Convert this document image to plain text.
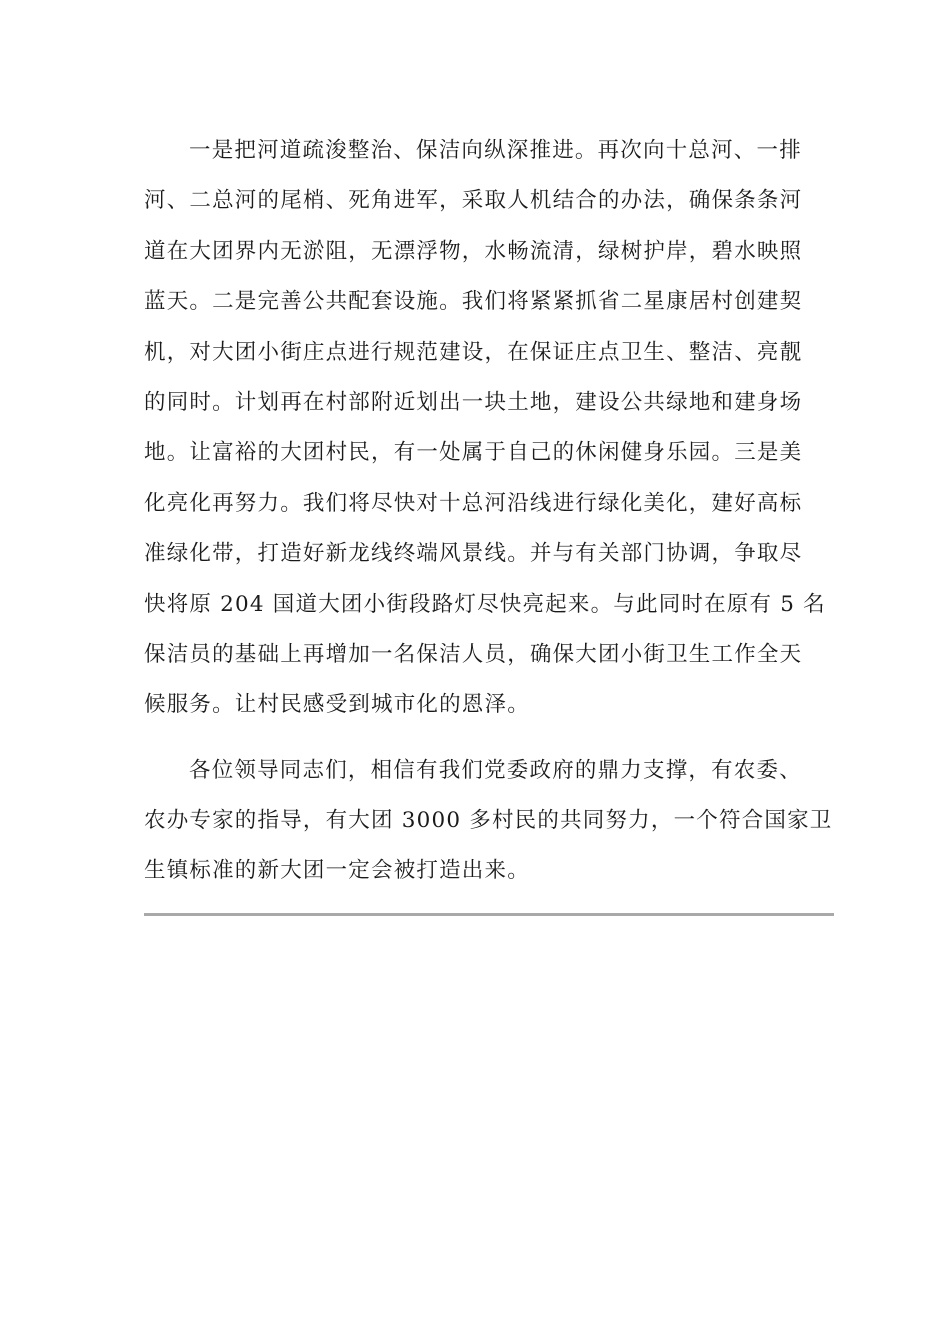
一是把河道疏浚整治、保洁向纵深推进。再次向十总河、一排
河、二总河的尾梢、死角进军，采取人机结合的办法，确保条条河
道在大团界内无淤阻，无漂浮物，水畅流清，绿树护岸，碧水映照
蓝天。二是完善公共配套设施。我们将紧紧抓省二星康居村创建契
机，对大团小街庄点进行规范建设，在保证庄点卫生、整洁、亮靓
的同时。计划再在村部附近划出一块土地，建设公共绿地和建身场
地。让富裕的大团村民，有一处属于自己的休闲健身乐园。三是美
化亮化再努力。我们将尽快对十总河沿线进行绿化美化，建好高标
准绿化带，打造好新龙线终端风景线。并与有关部门协调，争取尽
快将原 204 国道大团小街段路灯尽快亮起来。与此同时在原有 5 名
保洁员的基础上再增加一名保洁人员，确保大团小街卫生工作全天
候服务。让村民感受到城市化的恩泽。
各位领导同志们，相信有我们党委政府的鼎力支撑，有农委、
农办专家的指导，有大团 3000 多村民的共同努力，一个符合国家卫
生镇标准的新大团一定会被打造出来。
